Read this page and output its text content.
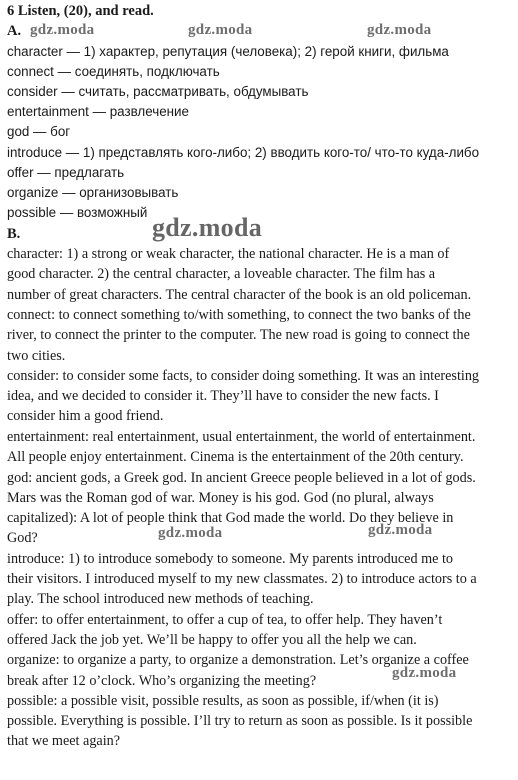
6 Listen, (20), and read.
A.
character — 1) характер, репутация (человека); 2) герой книги, фильма
connect — соединять, подключать
consider — считать, рассматривать, обдумывать
entertainment — развлечение
god — бог
introduce — 1) представлять кого-либо; 2) вводить кого-то/ что-то куда-либо
offer — предлагать
organize — организовывать
possible — возможный
B.
character: 1) a strong or weak character, the national character. He is a man of
good character. 2) the central character, a loveable character. The film has a
number of great characters. The central character of the book is an old policeman.
connect: to connect something to/with something, to connect the two banks of the
river, to connect the printer to the computer. The new road is going to connect the
two cities.
consider: to consider some facts, to consider doing something. It was an interesting
idea, and we decided to consider it. They’ll have to consider the new facts. I
consider him a good friend.
entertainment: real entertainment, usual entertainment, the world of entertainment.
All people enjoy entertainment. Cinema is the entertainment of the 20th century.
god: ancient gods, a Greek god. In ancient Greece people believed in a lot of gods.
Mars was the Roman god of war. Money is his god. God (no plural, always
capitalized): A lot of people think that God made the world. Do they believe in
God?
introduce: 1) to introduce somebody to someone. My parents introduced me to
their visitors. I introduced myself to my new classmates. 2) to introduce actors to a
play. The school introduced new methods of teaching.
offer: to offer entertainment, to offer a cup of tea, to offer help. They haven’t
offered Jack the job yet. We’ll be happy to offer you all the help we can.
organize: to organize a party, to organize a demonstration. Let’s organize a coffee
break after 12 o’clock. Who’s organizing the meeting?
possible: a possible visit, possible results, as soon as possible, if/when (it is)
possible. Everything is possible. I’ll try to return as soon as possible. Is it possible
that we meet again?
gdz.moda	gdz.moda	gdz.moda
gdz.moda
gdz.moda	gdz.moda
gdz.moda
